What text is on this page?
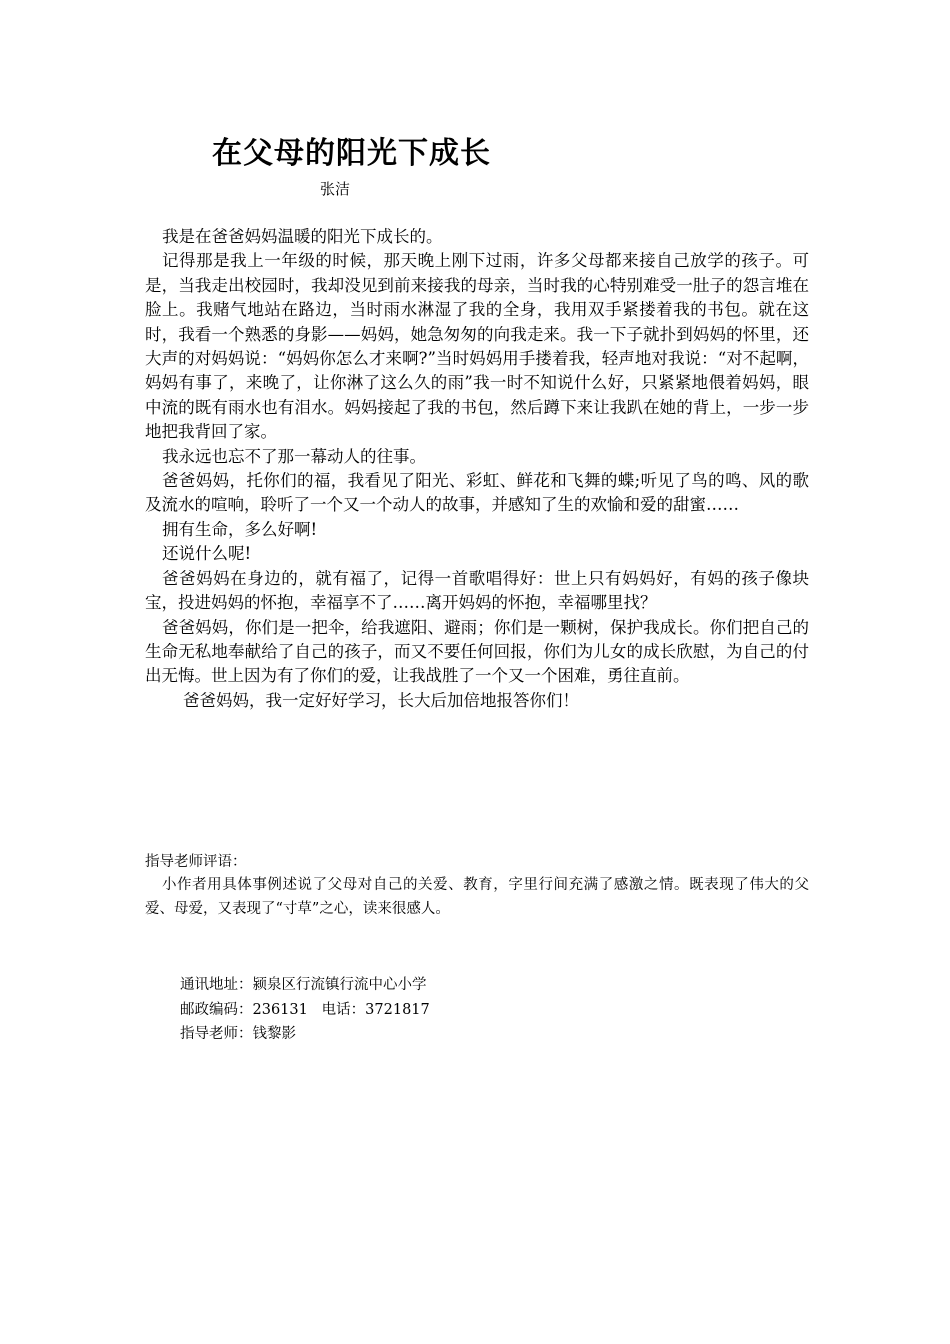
在父母的阳光下成长
张洁

我是在爸爸妈妈温暖的阳光下成长的。

记得那是我上一年级的时候，那天晚上刚下过雨，许多父母都来接自己放学的孩子。可是，当我走出校园时，我却没见到前来接我的母亲，当时我的心特别难受一肚子的怨言堆在脸上。我赌气地站在路边，当时雨水淋湿了我的全身，我用双手紧搂着我的书包。就在这时，我看一个熟悉的身影——妈妈，她急匆匆的向我走来。我一下子就扑到妈妈的怀里，还大声的对妈妈说：“妈妈你怎么才来啊?”当时妈妈用手搂着我，轻声地对我说：“对不起啊，妈妈有事了，来晚了，让你淋了这么久的雨”我一时不知说什么好，只紧紧地偎着妈妈，眼中流的既有雨水也有泪水。妈妈接起了我的书包，然后蹲下来让我趴在她的背上，一步一步地把我背回了家。

我永远也忘不了那一幕动人的往事。

爸爸妈妈，托你们的福，我看见了阳光、彩虹、鲜花和飞舞的蝶;听见了鸟的鸣、风的歌及流水的喧响，聆听了一个又一个动人的故事，并感知了生的欢愉和爱的甜蜜……

拥有生命，多么好啊!

还说什么呢!

爸爸妈妈在身边的，就有福了，记得一首歌唱得好：世上只有妈妈好，有妈的孩子像块宝，投进妈妈的怀抱，幸福享不了……离开妈妈的怀抱，幸福哪里找？

爸爸妈妈，你们是一把伞，给我遮阳、避雨；你们是一颗树，保护我成长。你们把自己的生命无私地奉献给了自己的孩子，而又不要任何回报，你们为儿女的成长欣慰，为自己的付出无悔。世上因为有了你们的爱，让我战胜了一个又一个困难，勇往直前。

爸爸妈妈，我一定好好学习，长大后加倍地报答你们！

指导老师评语：

小作者用具体事例述说了父母对自己的关爱、教育，字里行间充满了感激之情。既表现了伟大的父爱、母爱，又表现了“寸草”之心，读来很感人。

通讯地址：颍泉区行流镇行流中心小学
邮政编码：236131   电话：3721817
指导老师：钱黎影
